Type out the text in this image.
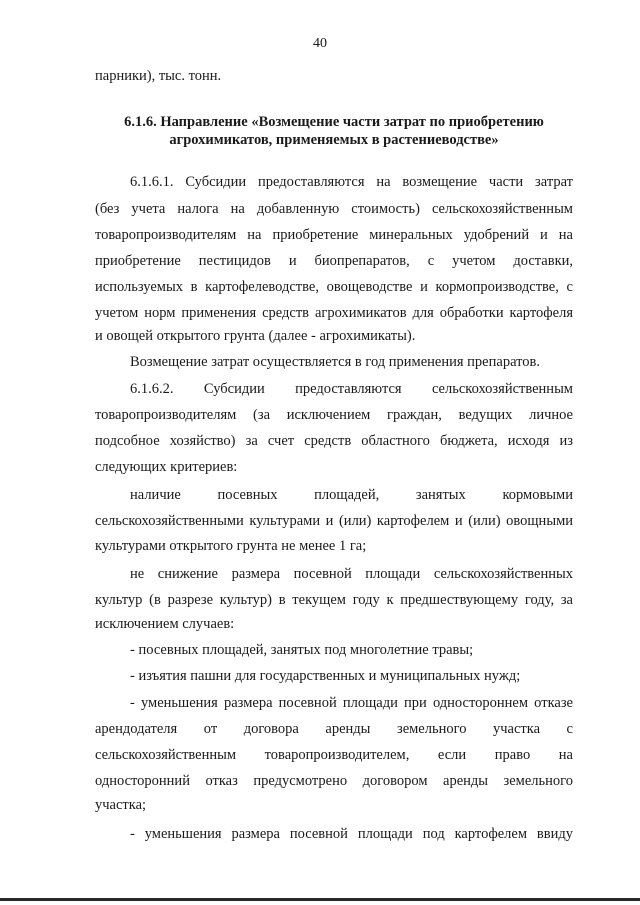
40
парники), тыс. тонн.
6.1.6. Направление «Возмещение части затрат по приобретению
агрохимикатов, применяемых в растениеводстве»
6.1.6.1. Субсидии предоставляются на возмещение части затрат
(без учета налога на добавленную стоимость) сельскохозяйственным
товаропроизводителям на приобретение минеральных удобрений и на
приобретение пестицидов и биопрепаратов, с учетом доставки,
используемых в картофелеводстве, овощеводстве и кормопроизводстве, с
учетом норм применения средств агрохимикатов для обработки картофеля
и овощей открытого грунта (далее - агрохимикаты).
Возмещение затрат осуществляется в год применения препаратов.
6.1.6.2. Субсидии предоставляются сельскохозяйственным
товаропроизводителям (за исключением граждан, ведущих личное
подсобное хозяйство) за счет средств областного бюджета, исходя из
следующих критериев:
наличие посевных площадей, занятых кормовыми
сельскохозяйственными культурами и (или) картофелем и (или) овощными
культурами открытого грунта не менее 1 га;
не снижение размера посевной площади сельскохозяйственных
культур (в разрезе культур) в текущем году к предшествующему году, за
исключением случаев:
- посевных площадей, занятых под многолетние травы;
- изъятия пашни для государственных и муниципальных нужд;
- уменьшения размера посевной площади при одностороннем отказе
арендодателя от договора аренды земельного участка с
сельскохозяйственным товаропроизводителем, если право на
односторонний отказ предусмотрено договором аренды земельного
участка;
- уменьшения размера посевной площади под картофелем ввиду
